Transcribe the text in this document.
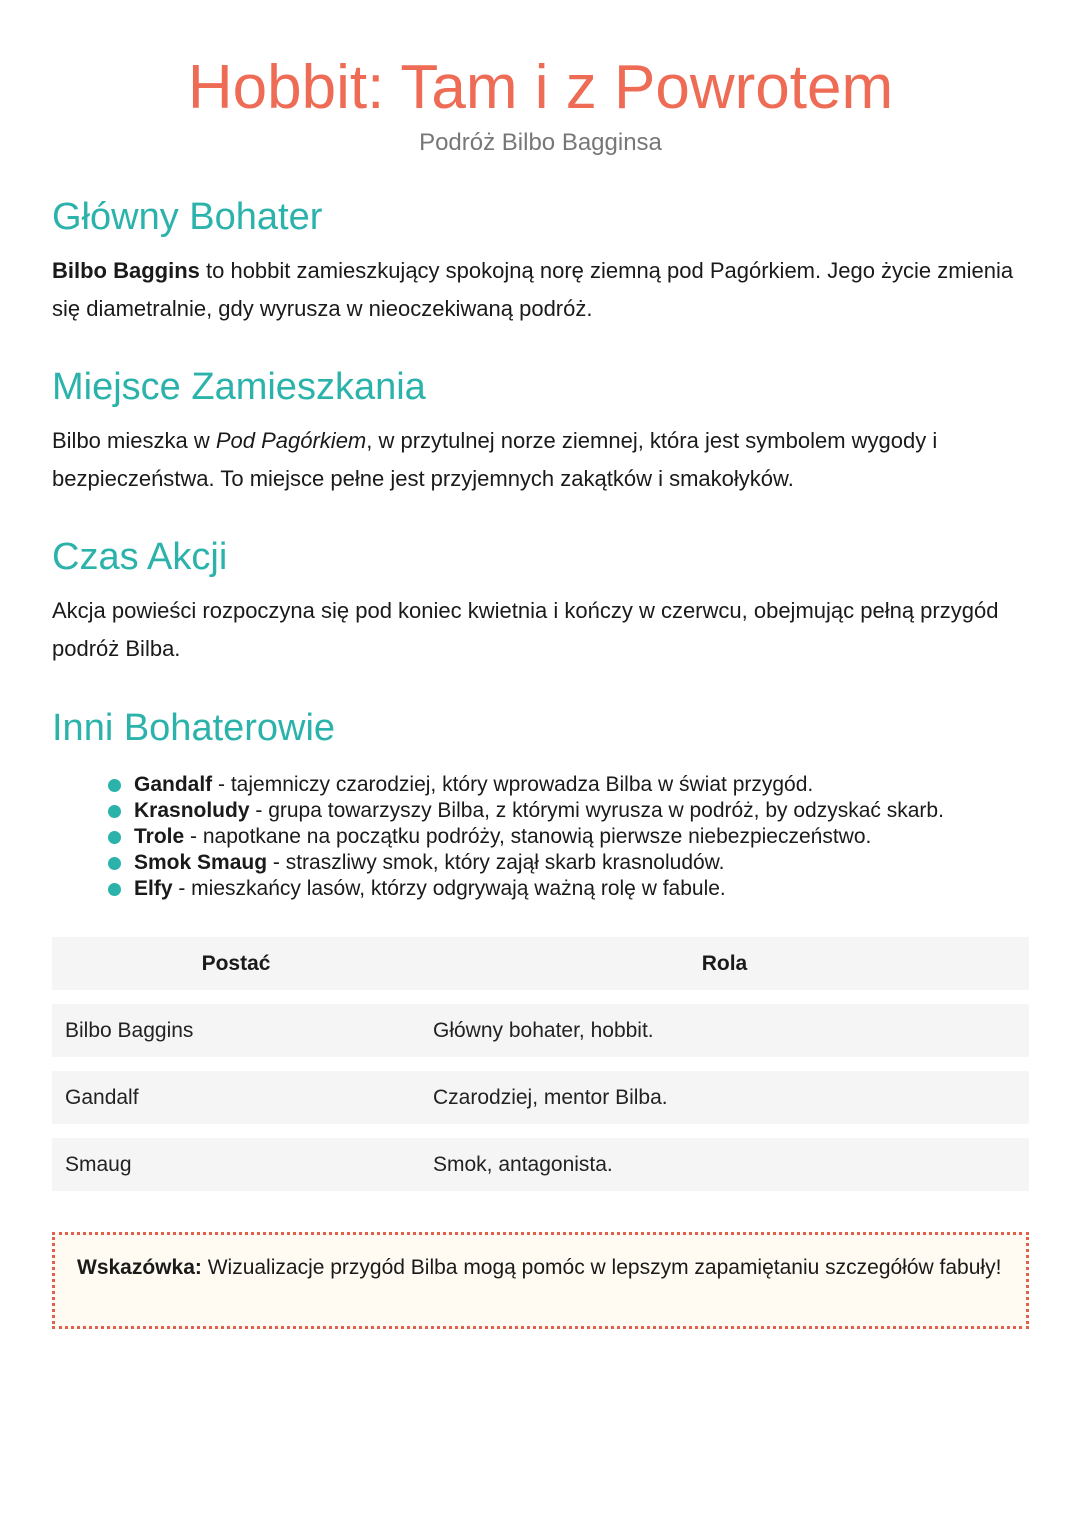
Hobbit: Tam i z Powrotem
Podróż Bilbo Bagginsa
Główny Bohater

Bilbo Baggins to hobbit zamieszkujący spokojną norę ziemną pod Pagórkiem. Jego życie zmienia się diametralnie, gdy wyrusza w nieoczekiwaną podróż.

Miejsce Zamieszkania

Bilbo mieszka w Pod Pagórkiem, w przytulnej norze ziemnej, która jest symbolem wygody i bezpieczeństwa. To miejsce pełne jest przyjemnych zakątków i smakołyków.

Czas Akcji

Akcja powieści rozpoczyna się pod koniec kwietnia i kończy w czerwcu, obejmując pełną przygód podróż Bilba.

Inni Bohaterowie
Gandalf - tajemniczy czarodziej, który wprowadza Bilba w świat przygód.
Krasnoludy - grupa towarzyszy Bilba, z którymi wyrusza w podróż, by odzyskać skarb.
Trole - napotkane na początku podróży, stanowią pierwsze niebezpieczeństwo.
Smok Smaug - straszliwy smok, który zajął skarb krasnoludów.
Elfy - mieszkańcy lasów, którzy odgrywają ważną rolę w fabule.
Postać	Rola
Bilbo Baggins	Główny bohater, hobbit.
Gandalf	Czarodziej, mentor Bilba.
Smaug	Smok, antagonista.
Wskazówka: Wizualizacje przygód Bilba mogą pomóc w lepszym zapamiętaniu szczegółów fabuły!
